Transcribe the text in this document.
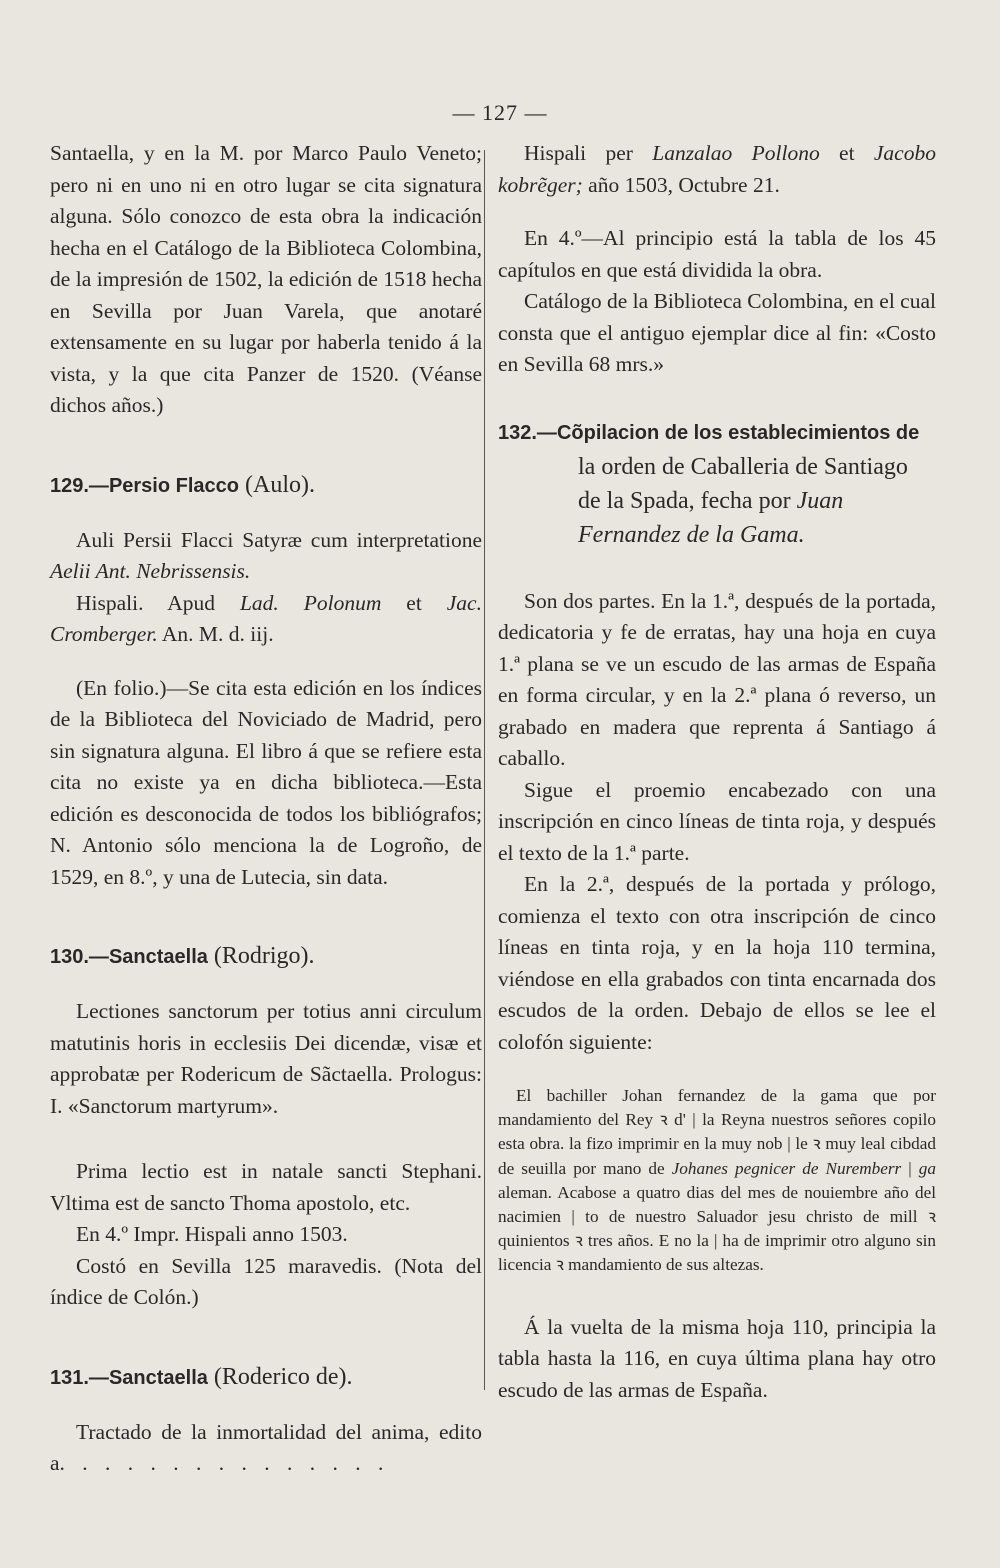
— 127 —

Santaella, y en la M. por Marco Paulo Veneto; pero ni en uno ni en otro lugar se cita signatura alguna. Sólo conozco de esta obra la indicación hecha en el Catálogo de la Biblioteca Colombina, de la impresión de 1502, la edición de 1518 hecha en Sevilla por Juan Varela, que anotaré extensamente en su lugar por haberla tenido á la vista, y la que cita Panzer de 1520. (Véanse dichos años.)

129.—Persio Flacco (Aulo).

Auli Persii Flacci Satyræ cum interpretatione Aelii Ant. Nebrissensis.

Hispali. Apud Lad. Polonum et Jac. Cromberger. An. M. d. iij.

(En folio.)—Se cita esta edición en los índices de la Biblioteca del Noviciado de Madrid, pero sin signatura alguna. El libro á que se refiere esta cita no existe ya en dicha biblioteca.—Esta edición es desconocida de todos los bibliógrafos; N. Antonio sólo menciona la de Logroño, de 1529, en 8.º, y una de Lutecia, sin data.

130.—Sanctaella (Rodrigo).

Lectiones sanctorum per totius anni circulum matutinis horis in ecclesiis Dei dicendæ, visæ et approbatæ per Rodericum de Sãctaella. Prologus: I. «Sanctorum martyrum».

Prima lectio est in natale sancti Stephani. Vltima est de sancto Thoma apostolo, etc.

En 4.º Impr. Hispali anno 1503.

Costó en Sevilla 125 maravedis. (Nota del índice de Colón.)

131.—Sanctaella (Roderico de).

Tractado de la inmortalidad del anima, edito a. . . . . . . . . . . . . . .

Hispali per Lanzalao Pollono et Jacobo kobrẽger; año 1503, Octubre 21.

En 4.º—Al principio está la tabla de los 45 capítulos en que está dividida la obra.

Catálogo de la Biblioteca Colombina, en el cual consta que el antiguo ejemplar dice al fin: «Costo en Sevilla 68 mrs.»

132.—Cõpilacion de los establecimientos de la orden de Caballeria de Santiago de la Spada, fecha por Juan Fernandez de la Gama.

Son dos partes. En la 1.ª, después de la portada, dedicatoria y fe de erratas, hay una hoja en cuya 1.ª plana se ve un escudo de las armas de España en forma circular, y en la 2.ª plana ó reverso, un grabado en madera que reprenta á Santiago á caballo.

Sigue el proemio encabezado con una inscripción en cinco líneas de tinta roja, y después el texto de la 1.ª parte.

En la 2.ª, después de la portada y prólogo, comienza el texto con otra inscripción de cinco líneas en tinta roja, y en la hoja 110 termina, viéndose en ella grabados con tinta encarnada dos escudos de la orden. Debajo de ellos se lee el colofón siguiente:

El bachiller Johan fernandez de la gama que por mandamiento del Rey ꝛ d' | la Reyna nuestros señores copilo esta obra. la fizo imprimir en la muy nob | le ꝛ muy leal cibdad de seuilla por mano de Johanes pegnicer de Nuremberr | ga aleman. Acabose a quatro dias del mes de nouiembre año del nacimien | to de nuestro Saluador jesu christo de mill ꝛ quinientos ꝛ tres años. E no la | ha de imprimir otro alguno sin licencia ꝛ mandamiento de sus altezas.

Á la vuelta de la misma hoja 110, principia la tabla hasta la 116, en cuya última plana hay otro escudo de las armas de España.
